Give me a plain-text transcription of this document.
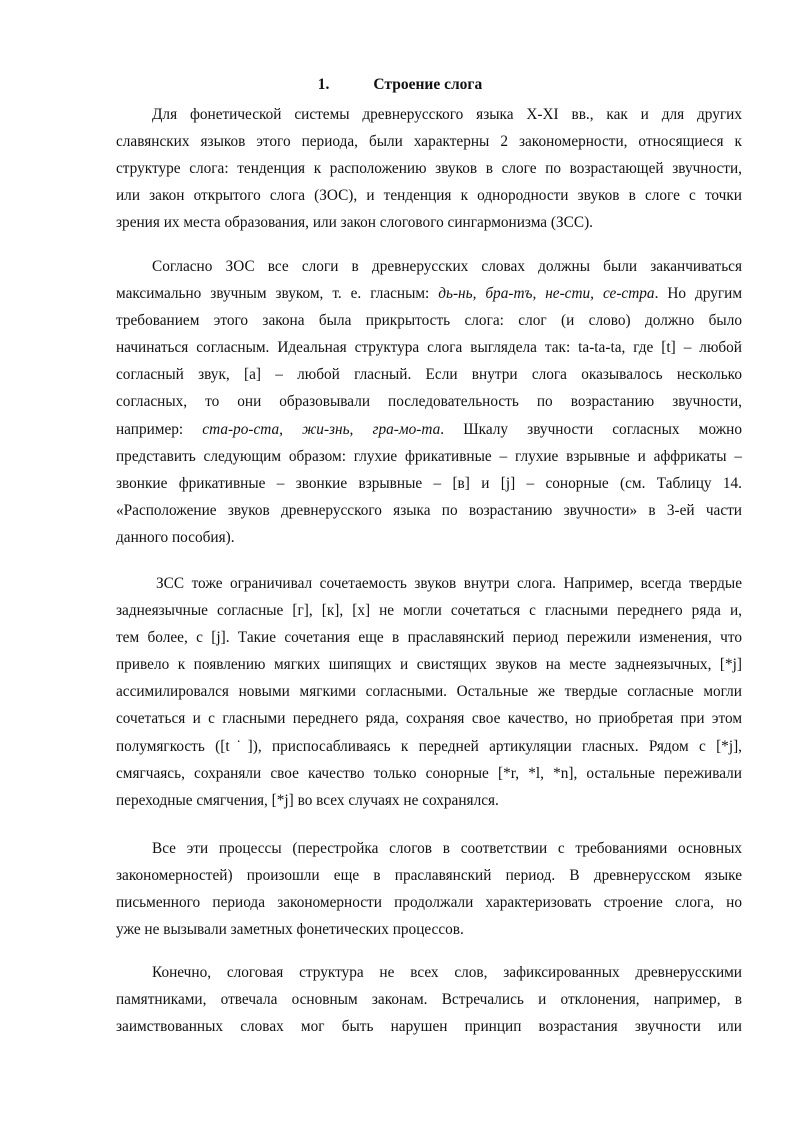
1.	Строение слога

Для фонетической системы древнерусского языка X-XI вв., как и для других
славянских языков этого периода, были характерны 2 закономерности, относящиеся к
структуре слога: тенденция к расположению звуков в слоге по возрастающей звучности,
или закон открытого слога (ЗОС), и тенденция к однородности звуков в слоге с точки
зрения их места образования, или закон слогового сингармонизма (ЗСС).

Согласно ЗОС все слоги в древнерусских словах должны были заканчиваться
максимально звучным звуком, т. е. гласным: дь-нь, бра-тъ, не-сти, се-стра. Но другим
требованием этого закона была прикрытость слога: слог (и слово) должно было
начинаться согласным. Идеальная структура слога выглядела так: ta-ta-ta, где [t] – любой
согласный звук, [а] – любой гласный. Если внутри слога оказывалось несколько
согласных, то они образовывали последовательность по возрастанию звучности,
например: ста-ро-ста, жи-знь, гра-мо-та. Шкалу звучности согласных можно
представить следующим образом: глухие фрикативные – глухие взрывные и аффрикаты –
звонкие фрикативные – звонкие взрывные – [в] и [j] – сонорные (см. Таблицу 14.
«Расположение звуков древнерусского языка по возрастанию звучности» в 3-ей части
данного пособия).

ЗСС тоже ограничивал сочетаемость звуков внутри слога. Например, всегда твердые
заднеязычные согласные [г], [к], [х] не могли сочетаться с гласными переднего ряда и,
тем более, с [j]. Такие сочетания еще в праславянский период пережили изменения, что
привело к появлению мягких шипящих и свистящих звуков на месте заднеязычных, [*j]
ассимилировался новыми мягкими согласными. Остальные же твердые согласные могли
сочетаться и с гласными переднего ряда, сохраняя свое качество, но приобретая при этом
полумягкость ([t˙]), приспосабливаясь к передней артикуляции гласных. Рядом с [*j],
смягчаясь, сохраняли свое качество только сонорные [*r, *l, *n], остальные переживали
переходные смягчения, [*j] во всех случаях не сохранялся.

Все эти процессы (перестройка слогов в соответствии с требованиями основных
закономерностей) произошли еще в праславянский период. В древнерусском языке
письменного периода закономерности продолжали характеризовать строение слога, но
уже не вызывали заметных фонетических процессов.

Конечно, слоговая структура не всех слов, зафиксированных древнерусскими
памятниками, отвечала основным законам. Встречались и отклонения, например, в
заимствованных словах мог быть нарушен принцип возрастания звучности или
